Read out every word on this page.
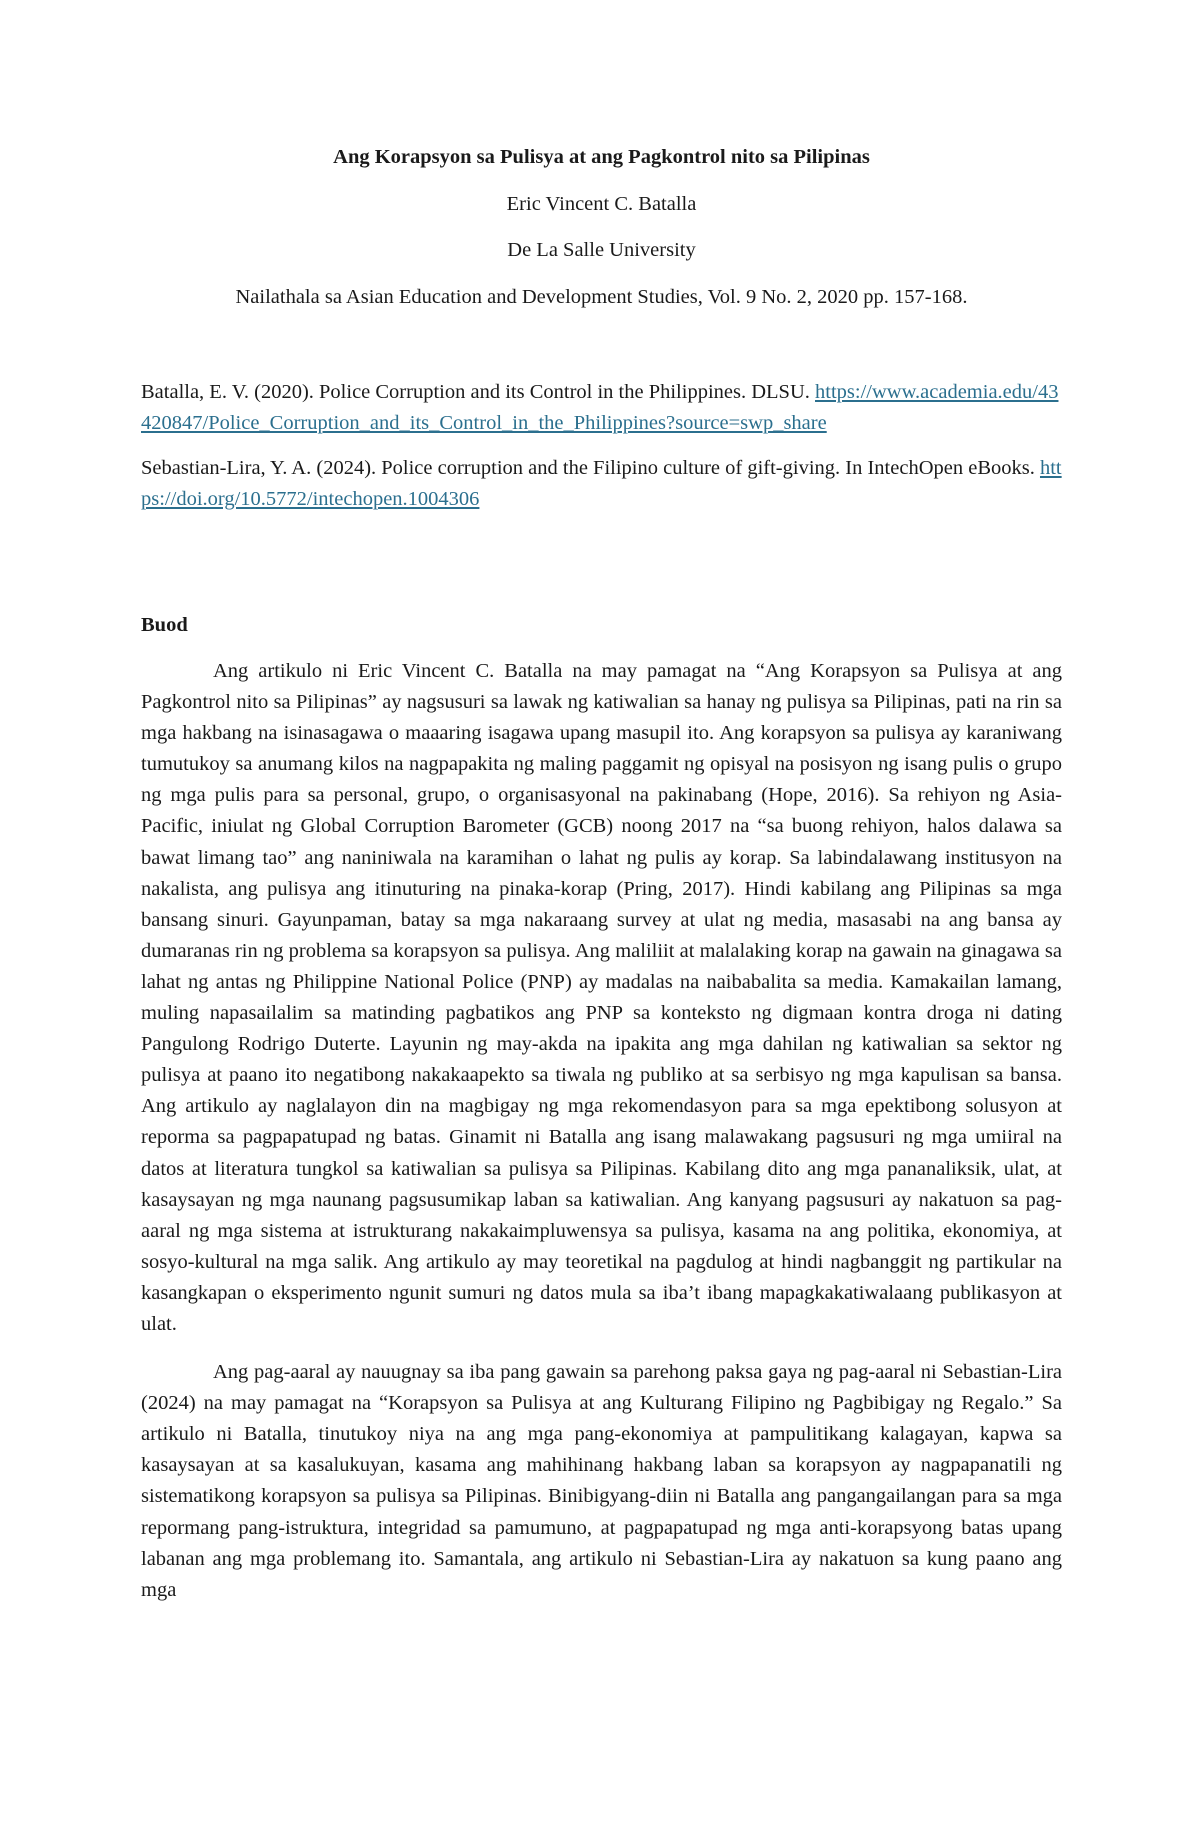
Ang Korapsyon sa Pulisya at ang Pagkontrol nito sa Pilipinas

Eric Vincent C. Batalla

De La Salle University

Nailathala sa Asian Education and Development Studies, Vol. 9 No. 2, 2020 pp. 157-168.

Batalla, E. V. (2020). Police Corruption and its Control in the Philippines. DLSU. https://www.academia.edu/43420847/Police_Corruption_and_its_Control_in_the_Philippines?source=swp_share

Sebastian-Lira, Y. A. (2024). Police corruption and the Filipino culture of gift-giving. In IntechOpen eBooks. https://doi.org/10.5772/intechopen.1004306

Buod

Ang artikulo ni Eric Vincent C. Batalla na may pamagat na “Ang Korapsyon sa Pulisya at ang Pagkontrol nito sa Pilipinas” ay nagsusuri sa lawak ng katiwalian sa hanay ng pulisya sa Pilipinas, pati na rin sa mga hakbang na isinasagawa o maaaring isagawa upang masupil ito. Ang korapsyon sa pulisya ay karaniwang tumutukoy sa anumang kilos na nagpapakita ng maling paggamit ng opisyal na posisyon ng isang pulis o grupo ng mga pulis para sa personal, grupo, o organisasyonal na pakinabang (Hope, 2016). Sa rehiyon ng Asia-Pacific, iniulat ng Global Corruption Barometer (GCB) noong 2017 na “sa buong rehiyon, halos dalawa sa bawat limang tao” ang naniniwala na karamihan o lahat ng pulis ay korap. Sa labindalawang institusyon na nakalista, ang pulisya ang itinuturing na pinaka-korap (Pring, 2017). Hindi kabilang ang Pilipinas sa mga bansang sinuri. Gayunpaman, batay sa mga nakaraang survey at ulat ng media, masasabi na ang bansa ay dumaranas rin ng problema sa korapsyon sa pulisya. Ang maliliit at malalaking korap na gawain na ginagawa sa lahat ng antas ng Philippine National Police (PNP) ay madalas na naibabalita sa media. Kamakailan lamang, muling napasailalim sa matinding pagbatikos ang PNP sa konteksto ng digmaan kontra droga ni dating Pangulong Rodrigo Duterte. Layunin ng may-akda na ipakita ang mga dahilan ng katiwalian sa sektor ng pulisya at paano ito negatibong nakakaapekto sa tiwala ng publiko at sa serbisyo ng mga kapulisan sa bansa. Ang artikulo ay naglalayon din na magbigay ng mga rekomendasyon para sa mga epektibong solusyon at reporma sa pagpapatupad ng batas. Ginamit ni Batalla ang isang malawakang pagsusuri ng mga umiiral na datos at literatura tungkol sa katiwalian sa pulisya sa Pilipinas. Kabilang dito ang mga pananaliksik, ulat, at kasaysayan ng mga naunang pagsusumikap laban sa katiwalian. Ang kanyang pagsusuri ay nakatuon sa pag-aaral ng mga sistema at istrukturang nakakaimpluwensya sa pulisya, kasama na ang politika, ekonomiya, at sosyo-kultural na mga salik. Ang artikulo ay may teoretikal na pagdulog at hindi nagbanggit ng partikular na kasangkapan o eksperimento ngunit sumuri ng datos mula sa iba’t ibang mapagkakatiwalaang publikasyon at ulat.

Ang pag-aaral ay nauugnay sa iba pang gawain sa parehong paksa gaya ng pag-aaral ni Sebastian-Lira (2024) na may pamagat na “Korapsyon sa Pulisya at ang Kulturang Filipino ng Pagbibigay ng Regalo.” Sa artikulo ni Batalla, tinutukoy niya na ang mga pang-ekonomiya at pampulitikang kalagayan, kapwa sa kasaysayan at sa kasalukuyan, kasama ang mahihinang hakbang laban sa korapsyon ay nagpapanatili ng sistematikong korapsyon sa pulisya sa Pilipinas. Binibigyang-diin ni Batalla ang pangangailangan para sa mga repormang pang-istruktura, integridad sa pamumuno, at pagpapatupad ng mga anti-korapsyong batas upang labanan ang mga problemang ito. Samantala, ang artikulo ni Sebastian-Lira ay nakatuon sa kung paano ang mga
